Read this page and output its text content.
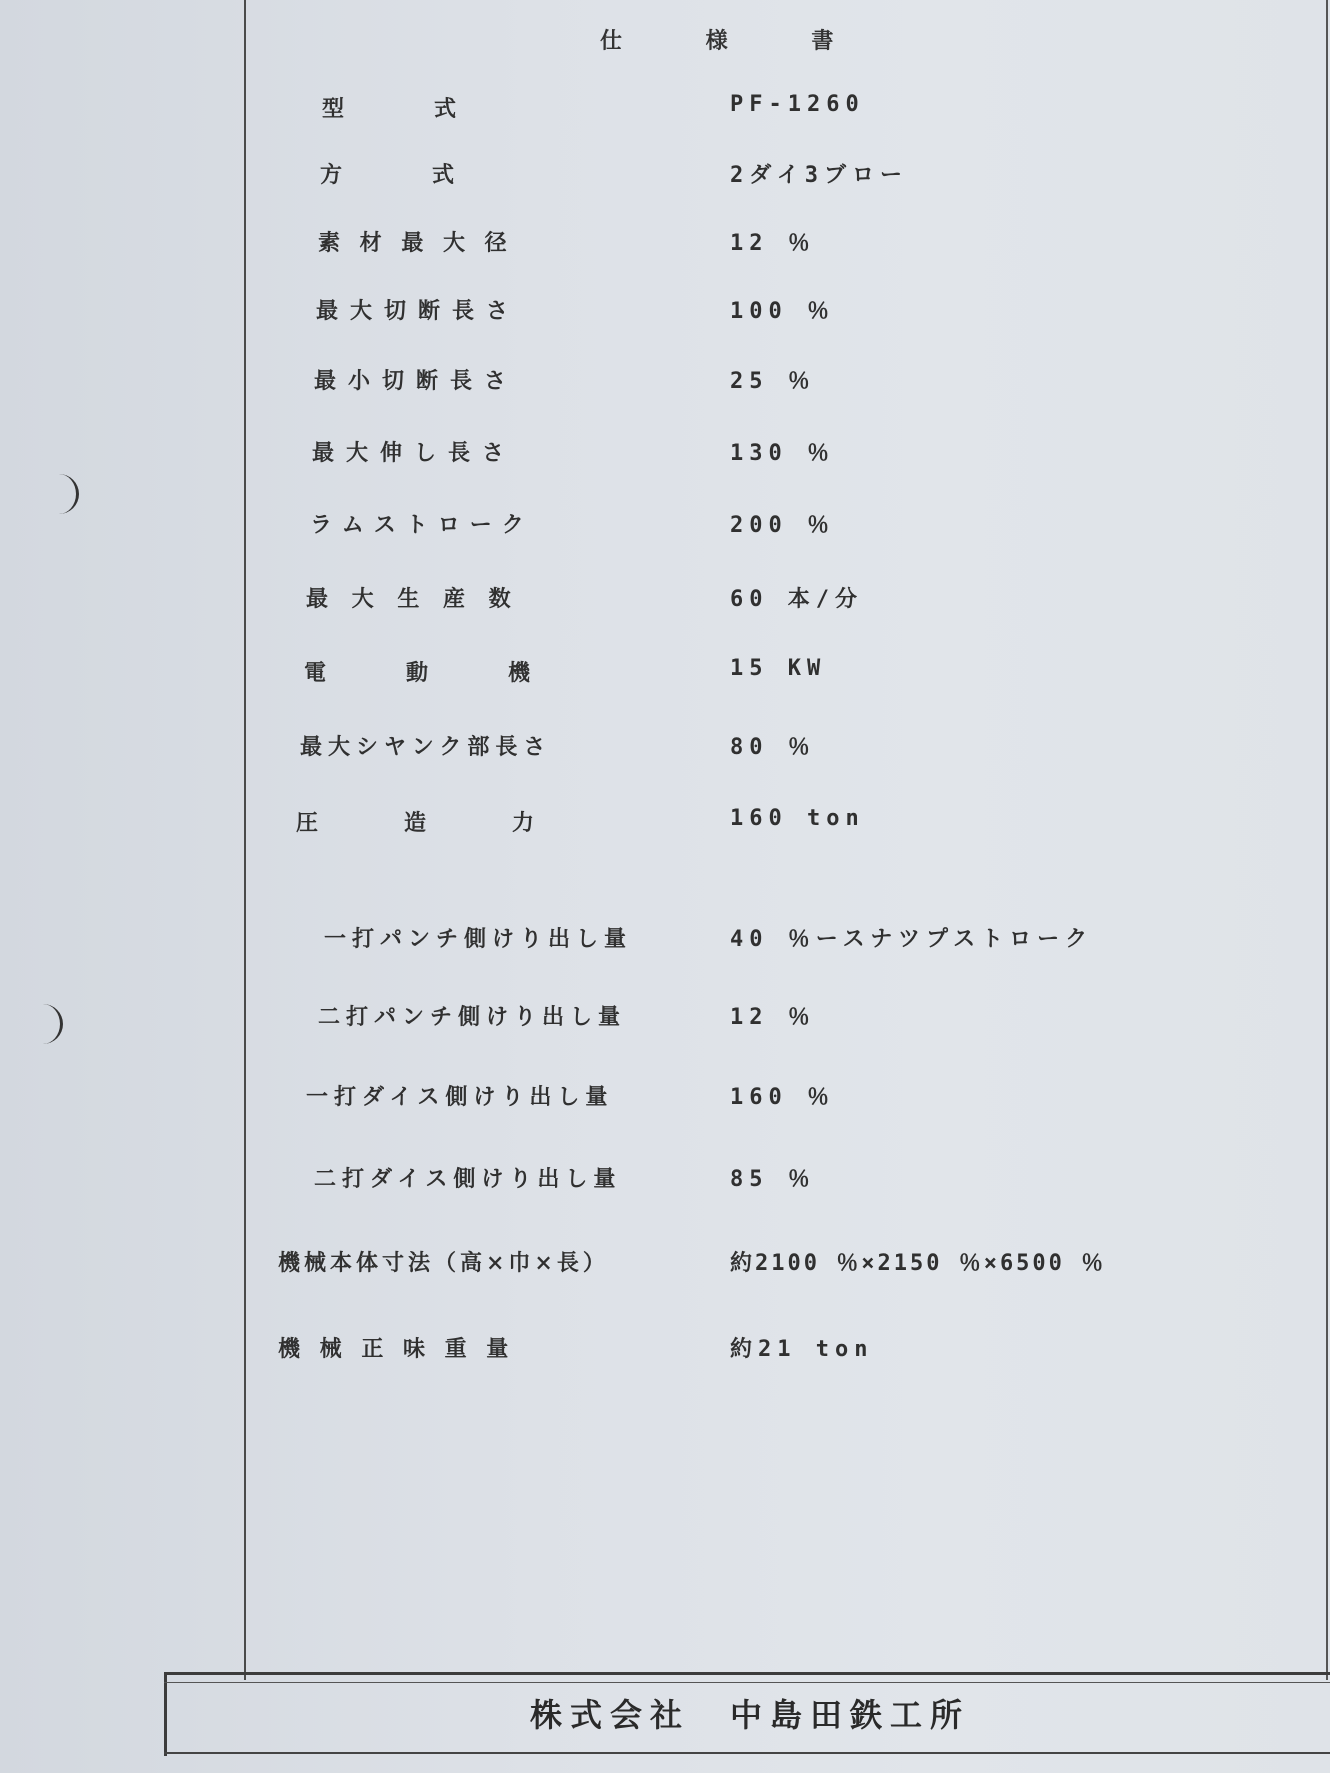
仕 様 書
型　　　式	PF-1260
方　　　式	2ダイ3ブロー
素 材 最 大 径	12 ％
最大切断長さ	100 ％
最小切断長さ	25 ％
最大伸し長さ	130 ％
ラムストローク	200 ％
最 大 生 産 数	60 本/分
電　　動　　機	15 KW
最大シヤンク部長さ	80 ％
圧　　造　　力	160 ton
一打パンチ側けり出し量	40 ％ースナツプストローク
二打パンチ側けり出し量	12 ％
一打ダイス側けり出し量	160 ％
二打ダイス側けり出し量	85 ％
機械本体寸法（高×巾×長）	約2100 ％×2150 ％×6500 ％
機 械 正 味 重 量	約21 ton
株式会社　中島田鉄工所
